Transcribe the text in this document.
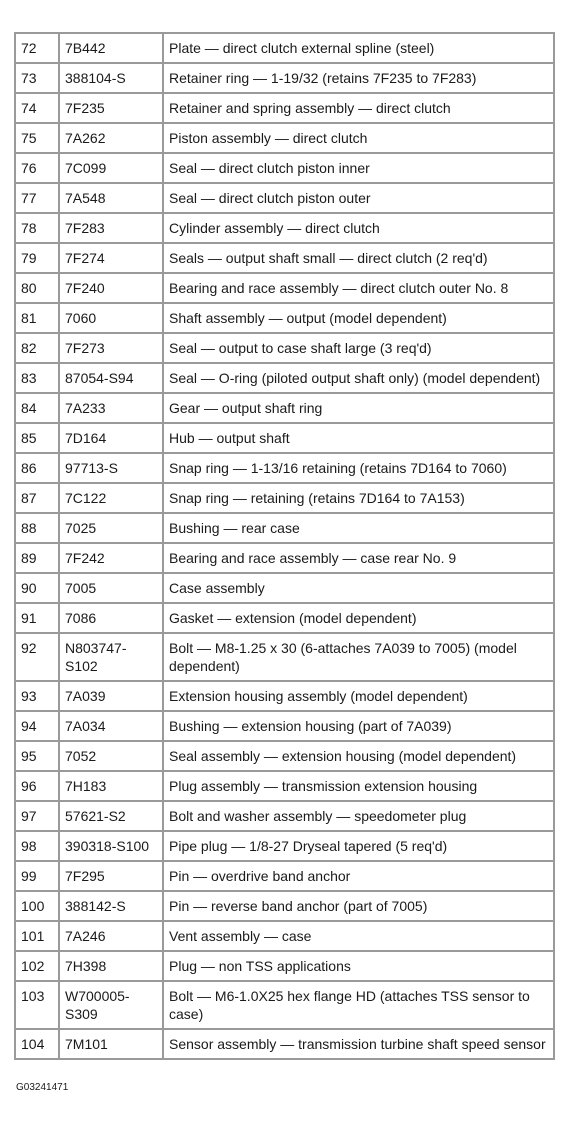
72	7B442	Plate — direct clutch external spline (steel)
73	388104-S	Retainer ring — 1-19/32 (retains 7F235 to 7F283)
74	7F235	Retainer and spring assembly — direct clutch
75	7A262	Piston assembly — direct clutch
76	7C099	Seal — direct clutch piston inner
77	7A548	Seal — direct clutch piston outer
78	7F283	Cylinder assembly — direct clutch
79	7F274	Seals — output shaft small — direct clutch (2 req'd)
80	7F240	Bearing and race assembly — direct clutch outer No. 8
81	7060	Shaft assembly — output (model dependent)
82	7F273	Seal — output to case shaft large (3 req'd)
83	87054-S94	Seal — O-ring (piloted output shaft only) (model dependent)
84	7A233	Gear — output shaft ring
85	7D164	Hub — output shaft
86	97713-S	Snap ring — 1-13/16 retaining (retains 7D164 to 7060)
87	7C122	Snap ring — retaining (retains 7D164 to 7A153)
88	7025	Bushing — rear case
89	7F242	Bearing and race assembly — case rear No. 9
90	7005	Case assembly
91	7086	Gasket — extension (model dependent)
92	N803747-S102	Bolt — M8-1.25 x 30 (6-attaches 7A039 to 7005) (model dependent)
93	7A039	Extension housing assembly (model dependent)
94	7A034	Bushing — extension housing (part of 7A039)
95	7052	Seal assembly — extension housing (model dependent)
96	7H183	Plug assembly — transmission extension housing
97	57621-S2	Bolt and washer assembly — speedometer plug
98	390318-S100	Pipe plug — 1/8-27 Dryseal tapered (5 req'd)
99	7F295	Pin — overdrive band anchor
100	388142-S	Pin — reverse band anchor (part of 7005)
101	7A246	Vent assembly — case
102	7H398	Plug — non TSS applications
103	W700005-S309	Bolt — M6-1.0X25 hex flange HD (attaches TSS sensor to case)
104	7M101	Sensor assembly — transmission turbine shaft speed sensor
G03241471
